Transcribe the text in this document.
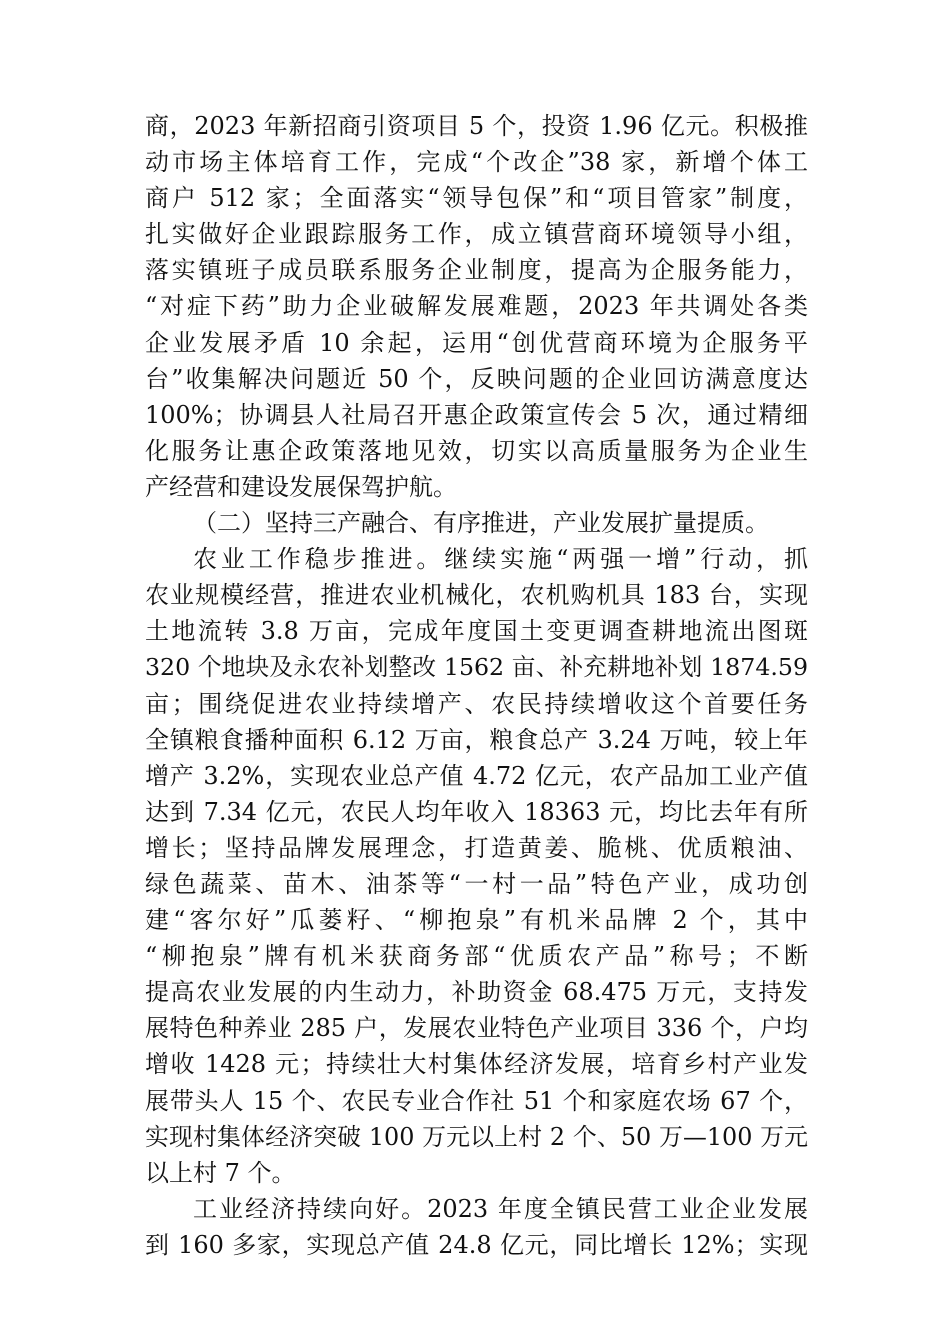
商，2023 年新招商引资项目 5 个，投资 1.96 亿元。积极推
动市场主体培育工作，完成“个改企”38 家，新增个体工
商户 512 家；全面落实“领导包保”和“项目管家”制度，
扎实做好企业跟踪服务工作，成立镇营商环境领导小组，
落实镇班子成员联系服务企业制度，提高为企服务能力，
“对症下药”助力企业破解发展难题，2023 年共调处各类
企业发展矛盾 10 余起，运用“创优营商环境为企服务平
台”收集解决问题近 50 个，反映问题的企业回访满意度达
100%；协调县人社局召开惠企政策宣传会 5 次，通过精细
化服务让惠企政策落地见效，切实以高质量服务为企业生
产经营和建设发展保驾护航。
（二）坚持三产融合、有序推进，产业发展扩量提质。
农业工作稳步推进。继续实施“两强一增”行动，抓
农业规模经营，推进农业机械化，农机购机具 183 台，实现
土地流转 3.8 万亩，完成年度国土变更调查耕地流出图斑
320 个地块及永农补划整改 1562 亩、补充耕地补划 1874.59
亩；围绕促进农业持续增产、农民持续增收这个首要任务
全镇粮食播种面积 6.12 万亩，粮食总产 3.24 万吨，较上年
增产 3.2%，实现农业总产值 4.72 亿元，农产品加工业产值
达到 7.34 亿元，农民人均年收入 18363 元，均比去年有所
增长；坚持品牌发展理念，打造黄姜、脆桃、优质粮油、
绿色蔬菜、苗木、油茶等“一村一品”特色产业，成功创
建“客尔好”瓜蒌籽、“柳抱泉”有机米品牌 2 个，其中
“柳抱泉”牌有机米获商务部“优质农产品”称号；不断
提高农业发展的内生动力，补助资金 68.475 万元，支持发
展特色种养业 285 户，发展农业特色产业项目 336 个，户均
增收 1428 元；持续壮大村集体经济发展，培育乡村产业发
展带头人 15 个、农民专业合作社 51 个和家庭农场 67 个，
实现村集体经济突破 100 万元以上村 2 个、50 万—100 万元
以上村 7 个。
工业经济持续向好。2023 年度全镇民营工业企业发展
到 160 多家，实现总产值 24.8 亿元，同比增长 12%；实现
